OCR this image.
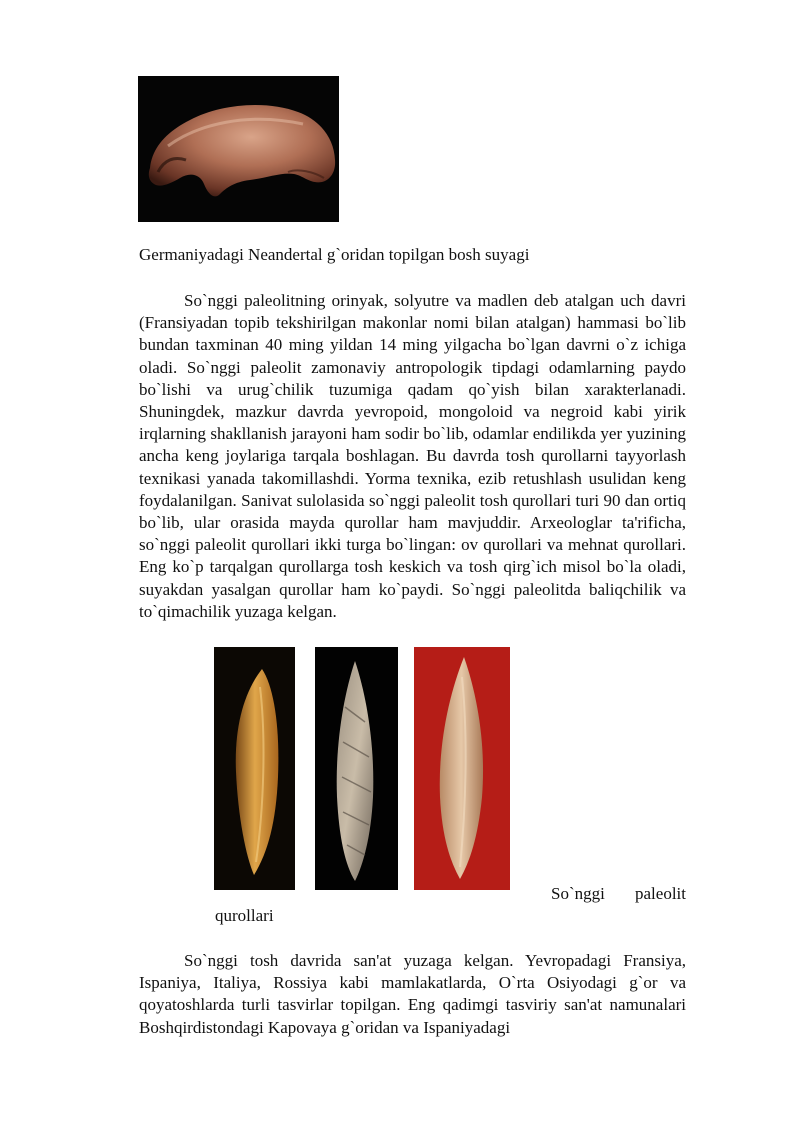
Germaniyadagi Neandertal g`oridan topilgan bosh suyagi

So`nggi paleolitning orinyak, solyutre va madlen deb atalgan uch davri (Fransiyadan topib tekshirilgan makonlar nomi bilan atalgan) hammasi bo`lib bundan taxminan 40 ming yildan 14 ming yilgacha bo`lgan davrni o`z ichiga oladi. So`nggi paleolit zamonaviy antropologik tipdagi odamlarning paydo bo`lishi va urug`chilik tuzumiga qadam qo`yish bilan xarakterlanadi. Shuningdek, mazkur davrda yevropoid, mongoloid va negroid kabi yirik irqlarning shakllanish jarayoni ham sodir bo`lib, odamlar endilikda yer yuzining ancha keng joylariga tarqala boshlagan. Bu davrda tosh qurollarni tayyorlash texnikasi yanada takomillashdi. Yorma texnika, ezib retushlash usulidan keng foydalanilgan. Sanivat sulolasida so`nggi paleolit tosh qurollari turi 90 dan ortiq bo`lib, ular orasida mayda qurollar ham mavjuddir. Arxeologlar ta'rificha, so`nggi paleolit qurollari ikki turga bo`lingan: ov qurollari va mehnat qurollari. Eng ko`p tarqalgan qurollarga tosh keskich va tosh qirg`ich misol bo`la oladi, suyakdan yasalgan qurollar ham ko`paydi. So`nggi paleolitda baliqchilik va to`qimachilik yuzaga kelgan.

So`nggi paleolit
qurollari

So`nggi tosh davrida san'at yuzaga kelgan. Yevropadagi Fransiya, Ispaniya, Italiya, Rossiya kabi mamlakatlarda, O`rta Osiyodagi g`or va qoyatoshlarda turli tasvirlar topilgan. Eng qadimgi tasviriy san'at namunalari Boshqirdistondagi Kapovaya g`oridan va Ispaniyadagi
